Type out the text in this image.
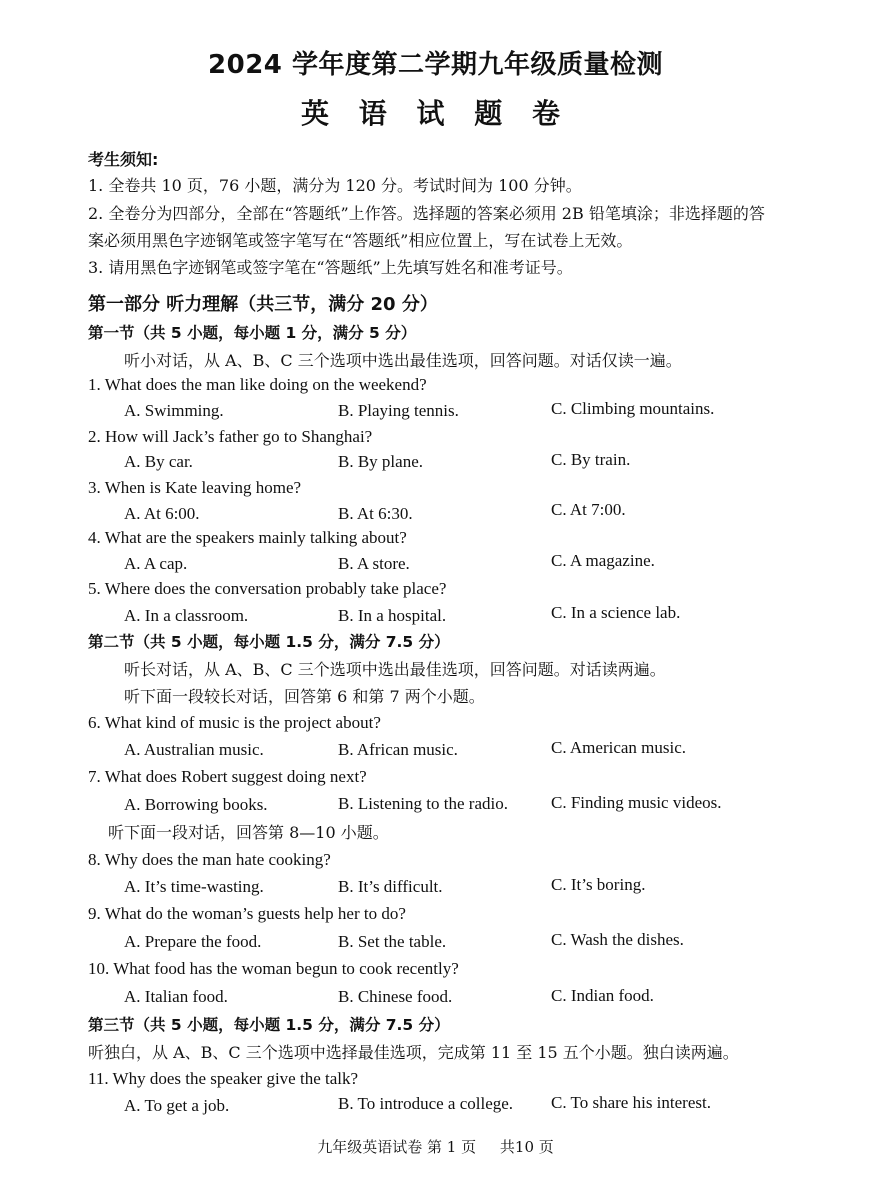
2024 学年度第二学期九年级质量检测
英 语 试 题 卷
考生须知:
1. 全卷共 10 页，76 小题，满分为 120 分。考试时间为 100 分钟。
2. 全卷分为四部分，全部在“答题纸”上作答。选择题的答案必须用 2B 铅笔填涂；非选择题的答
案必须用黑色字迹钢笔或签字笔写在“答题纸”相应位置上，写在试卷上无效。
3. 请用黑色字迹钢笔或签字笔在“答题纸”上先填写姓名和准考证号。
第一部分 听力理解（共三节，满分 20 分）
第一节（共 5 小题，每小题 1 分，满分 5 分）
听小对话，从 A、B、C 三个选项中选出最佳选项，回答问题。对话仅读一遍。
1. What does the man like doing on the weekend?
A. Swimming.	B. Playing tennis.	C. Climbing mountains.
2. How will Jack’s father go to Shanghai?
A. By car.	B. By plane.	C. By train.
3. When is Kate leaving home?
A. At 6:00.	B. At 6:30.	C. At 7:00.
4. What are the speakers mainly talking about?
A. A cap.	B. A store.	C. A magazine.
5. Where does the conversation probably take place?
A. In a classroom.	B. In a hospital.	C. In a science lab.
第二节（共 5 小题，每小题 1.5 分，满分 7.5 分）
听长对话，从 A、B、C 三个选项中选出最佳选项，回答问题。对话读两遍。
听下面一段较长对话，回答第 6 和第 7 两个小题。
6. What kind of music is the project about?
A. Australian music.	B. African music.	C. American music.
7. What does Robert suggest doing next?
A. Borrowing books.	B. Listening to the radio.	C. Finding music videos.
听下面一段对话，回答第 8—10 小题。
8. Why does the man hate cooking?
A. It’s time-wasting.	B. It’s difficult.	C. It’s boring.
9. What do the woman’s guests help her to do?
A. Prepare the food.	B. Set the table.	C. Wash the dishes.
10. What food has the woman begun to cook recently?
A. Italian food.	B. Chinese food.	C. Indian food.
第三节（共 5 小题，每小题 1.5 分，满分 7.5 分）
听独白，从 A、B、C 三个选项中选择最佳选项，完成第 11 至 15 五个小题。独白读两遍。
11. Why does the speaker give the talk?
A. To get a job.	B. To introduce a college. C. To share his interest.
九年级英语试卷 第 1 页     共10 页
